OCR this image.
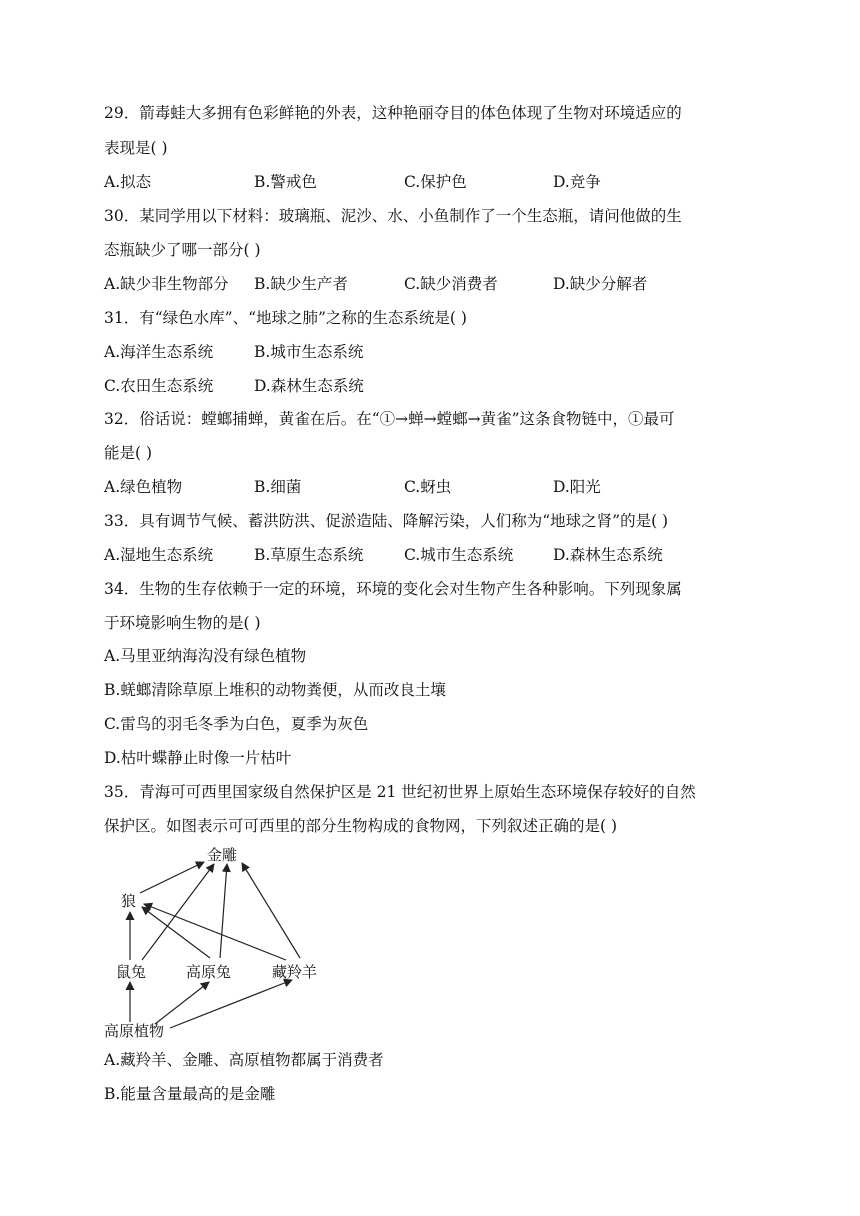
29．箭毒蛙大多拥有色彩鲜艳的外表，这种艳丽夺目的体色体现了生物对环境适应的
表现是( )
A.拟态	B.警戒色	C.保护色	D.竞争
30．某同学用以下材料：玻璃瓶、泥沙、水、小鱼制作了一个生态瓶，请问他做的生
态瓶缺少了哪一部分( )
A.缺少非生物部分 B.缺少生产者	C.缺少消费者	D.缺少分解者
31．有“绿色水库”、“地球之肺”之称的生态系统是( )
A.海洋生态系统	B.城市生态系统
C.农田生态系统	D.森林生态系统
32．俗话说：螳螂捕蝉，黄雀在后。在“①→蝉→螳螂→黄雀”这条食物链中，①最可
能是( )
A.绿色植物	B.细菌	C.蚜虫	D.阳光
33．具有调节气候、蓄洪防洪、促淤造陆、降解污染，人们称为“地球之肾”的是( )
A.湿地生态系统	B.草原生态系统	C.城市生态系统	D.森林生态系统
34．生物的生存依赖于一定的环境，环境的变化会对生物产生各种影响。下列现象属
于环境影响生物的是( )
A.马里亚纳海沟没有绿色植物
B.蜣螂清除草原上堆积的动物粪便，从而改良土壤
C.雷鸟的羽毛冬季为白色，夏季为灰色
D.枯叶蝶静止时像一片枯叶
35．青海可可西里国家级自然保护区是 21 世纪初世界上原始生态环境保存较好的自然
保护区。如图表示可可西里的部分生物构成的食物网，下列叙述正确的是( )
金雕
狼
鼠兔	高原兔	藏羚羊
高原植物
A.藏羚羊、金雕、高原植物都属于消费者
B.能量含量最高的是金雕
